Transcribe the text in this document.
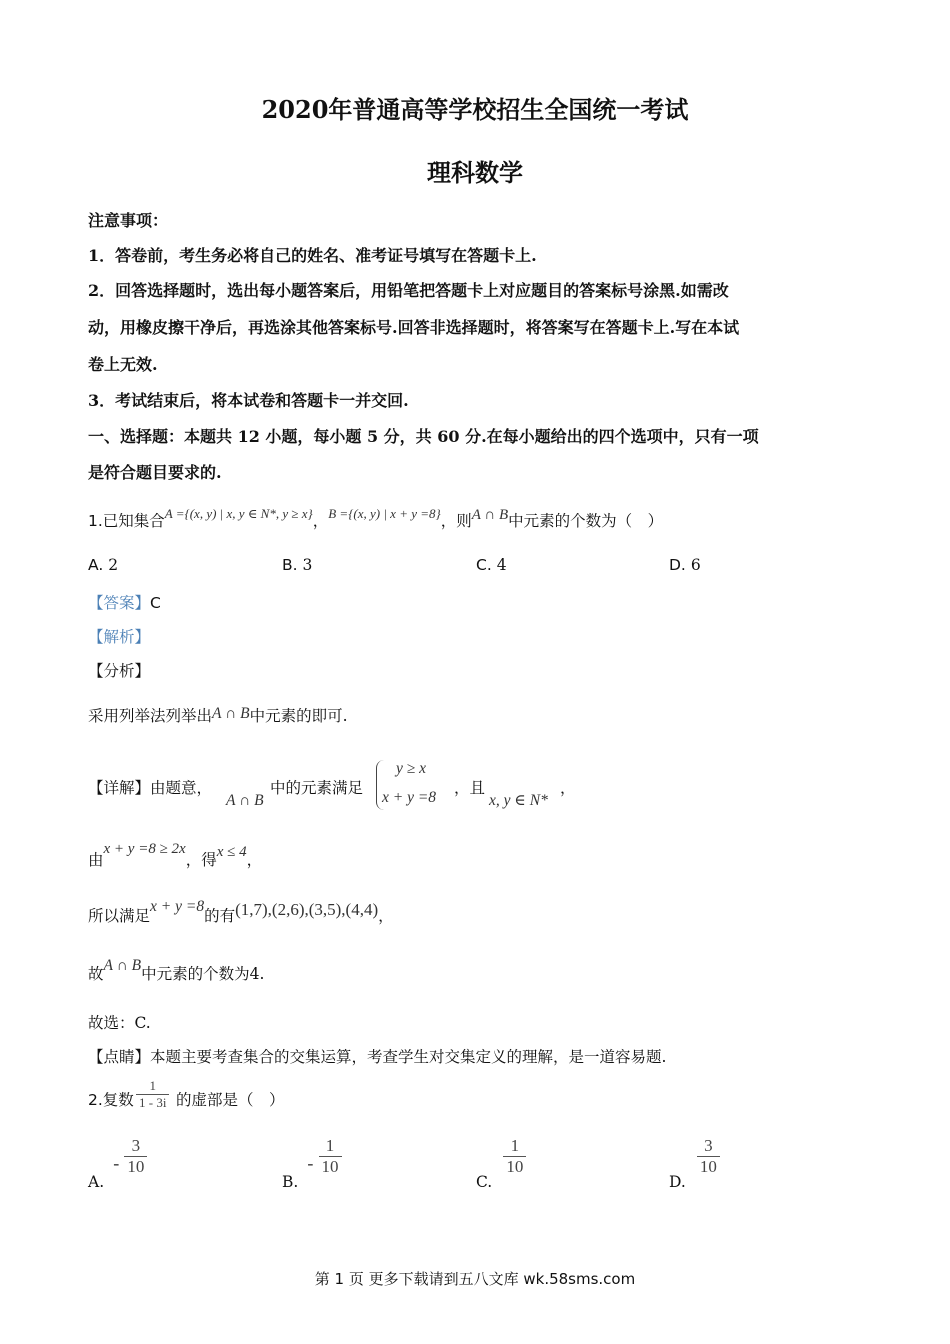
2020年普通高等学校招生全国统一考试
理科数学
注意事项：
1．答卷前，考生务必将自己的姓名、准考证号填写在答题卡上.
2．回答选择题时，选出每小题答案后，用铅笔把答题卡上对应题目的答案标号涂黑.如需改
动，用橡皮擦干净后，再选涂其他答案标号.回答非选择题时，将答案写在答题卡上.写在本试
卷上无效.
3．考试结束后，将本试卷和答题卡一并交回.
一、选择题：本题共 12 小题，每小题 5 分，共 60 分.在每小题给出的四个选项中，只有一项
是符合题目要求的.
1.已知集合$^{A =\{(x, y) | x, y \in N*, y \ge x\}}$，$^{B =\{(x, y) | x + y =8\}}$，则A ∩ B中元素的个数为（　）
A. 2	B. 3	C. 4	D. 6
【答案】C
【解析】
【分析】
采用列举法列举出A ∩ B中元素的即可.
【详解】由题意，
A ∩ B
中的元素满足
y ≥ x
x + y =8
，且
x, y ∈ N*
，
由x + y =8 ≥ 2x，得x ≤ 4，
所以满足x + y =8的有(1,7),(2,6),(3,5),(4,4)，
故A ∩ B中元素的个数为4.
故选：C.
【点睛】本题主要考查集合的交集运算，考查学生对交集定义的理解，是一道容易题.
2.复数 $\frac{1}{1 - 3i}$ 的虚部是（　）
A. - $\frac{3}{10}$
B. - $\frac{1}{10}$
C.
$\frac{1}{10}$
D.
$\frac{3}{10}$
第 1 页 更多下载请到五八文库 wk.58sms.com
